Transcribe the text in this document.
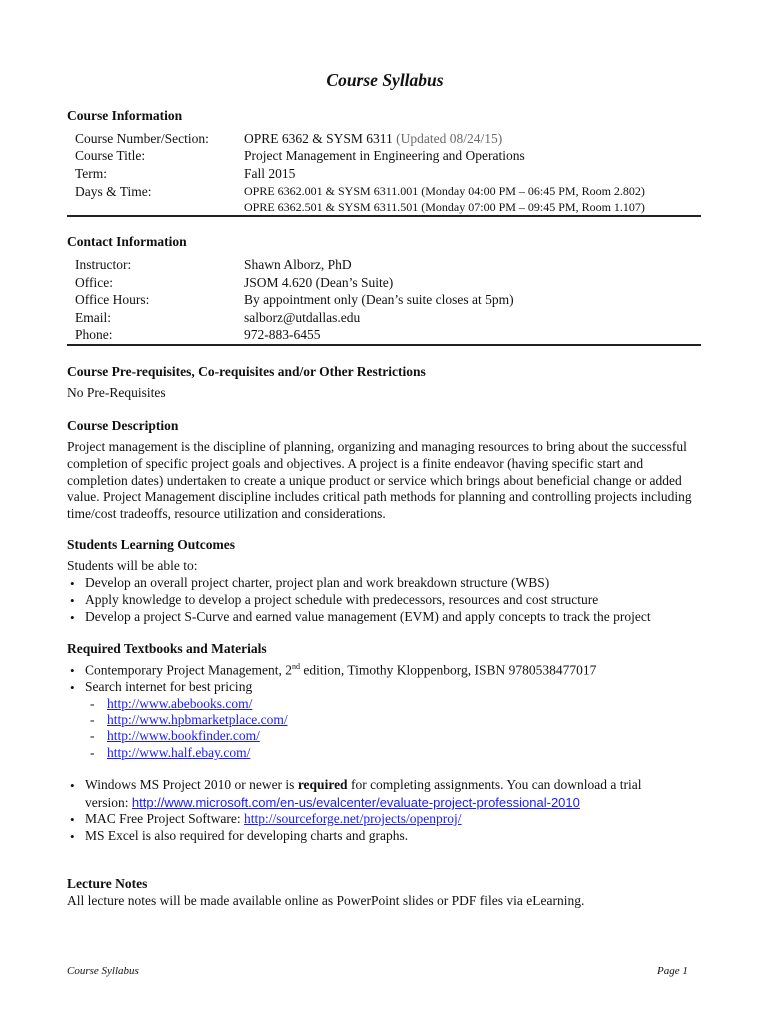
Course Syllabus
Course Information
Course Number/Section:	OPRE 6362 & SYSM 6311 (Updated 08/24/15)
Course Title:	Project Management in Engineering and Operations
Term:	Fall 2015
Days & Time:	OPRE 6362.001 & SYSM 6311.001 (Monday 04:00 PM – 06:45 PM, Room 2.802)
OPRE 6362.501 & SYSM 6311.501 (Monday 07:00 PM – 09:45 PM, Room 1.107)
Contact Information
Instructor:	Shawn Alborz, PhD
Office:	JSOM 4.620 (Dean’s Suite)
Office Hours:	By appointment only (Dean’s suite closes at 5pm)
Email:	salborz@utdallas.edu
Phone:	972-883-6455
Course Pre-requisites, Co-requisites and/or Other Restrictions
No Pre-Requisites
Course Description
Project management is the discipline of planning, organizing and managing resources to bring about the successful completion of specific project goals and objectives. A project is a finite endeavor (having specific start and completion dates) undertaken to create a unique product or service which brings about beneficial change or added value. Project Management discipline includes critical path methods for planning and controlling projects including time/cost tradeoffs, resource utilization and considerations.
Students Learning Outcomes
Students will be able to:
• Develop an overall project charter, project plan and work breakdown structure (WBS)
• Apply knowledge to develop a project schedule with predecessors, resources and cost structure
• Develop a project S-Curve and earned value management (EVM) and apply concepts to track the project
Required Textbooks and Materials
• Contemporary Project Management, 2nd edition, Timothy Kloppenborg, ISBN 9780538477017
• Search internet for best pricing
- http://www.abebooks.com/
- http://www.hpbmarketplace.com/
- http://www.bookfinder.com/
- http://www.half.ebay.com/
• Windows MS Project 2010 or newer is required for completing assignments. You can download a trial
version: http://www.microsoft.com/en-us/evalcenter/evaluate-project-professional-2010
• MAC Free Project Software: http://sourceforge.net/projects/openproj/
• MS Excel is also required for developing charts and graphs.
Lecture Notes
All lecture notes will be made available online as PowerPoint slides or PDF files via eLearning.
Course Syllabus	Page 1
